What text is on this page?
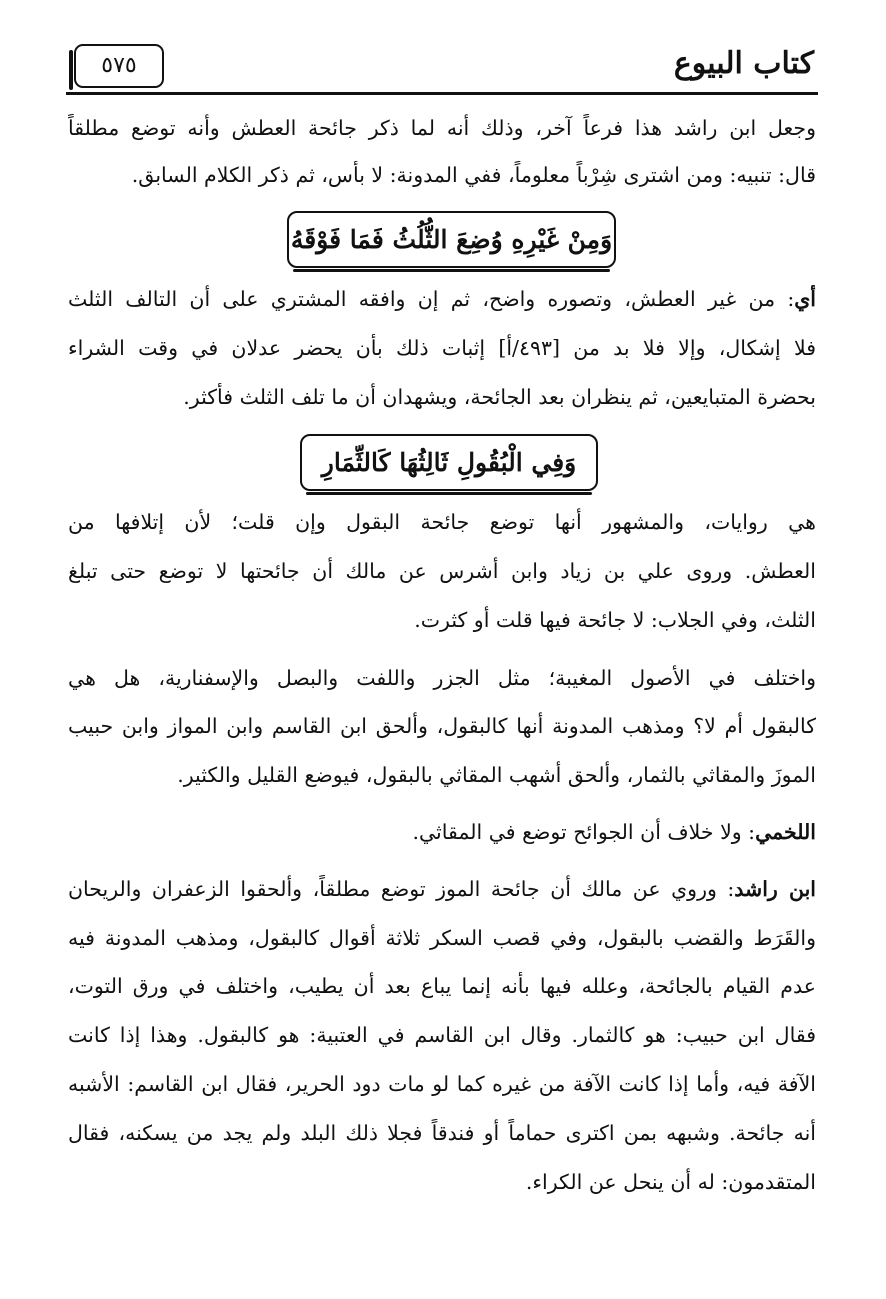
كتاب البيوع
٥٧٥
وجعل ابن راشد هذا فرعاً آخر، وذلك أنه لما ذكر جائحة العطش وأنه توضع مطلقاً
قال: تنبيه: ومن اشترى شِرْباً معلوماً، ففي المدونة: لا بأس، ثم ذكر الكلام السابق.
وَمِنْ غَيْرِهِ وُضِعَ الثُّلُثُ فَمَا فَوْقَهُ
أي: من غير العطش، وتصوره واضح، ثم إن وافقه المشتري على أن التالف الثلث
فلا إشكال، وإلا فلا بد من [٤٩٣/أ] إثبات ذلك بأن يحضر عدلان في وقت الشراء
بحضرة المتبايعين، ثم ينظران بعد الجائحة، ويشهدان أن ما تلف الثلث فأكثر.
وَفِي الْبُقُولِ ثَالِثُهَا كَالثِّمَارِ
هي روايات، والمشهور أنها توضع جائحة البقول وإن قلت؛ لأن إتلافها من
العطش. وروى علي بن زياد وابن أشرس عن مالك أن جائحتها لا توضع حتى تبلغ
الثلث، وفي الجلاب: لا جائحة فيها قلت أو كثرت.
واختلف في الأصول المغيبة؛ مثل الجزر واللفت والبصل والإسفنارية، هل هي
كالبقول أم لا؟ ومذهب المدونة أنها كالبقول، وألحق ابن القاسم وابن المواز وابن حبيب
الموزَ والمقاثي بالثمار، وألحق أشهب المقاثي بالبقول، فيوضع القليل والكثير.
اللخمي: ولا خلاف أن الجوائح توضع في المقاثي.
ابن راشد: وروي عن مالك أن جائحة الموز توضع مطلقاً، وألحقوا الزعفران والريحان
والقَرَط والقضب بالبقول، وفي قصب السكر ثلاثة أقوال كالبقول، ومذهب المدونة فيه
عدم القيام بالجائحة، وعلله فيها بأنه إنما يباع بعد أن يطيب، واختلف في ورق التوت،
فقال ابن حبيب: هو كالثمار. وقال ابن القاسم في العتبية: هو كالبقول. وهذا إذا كانت
الآفة فيه، وأما إذا كانت الآفة من غيره كما لو مات دود الحرير، فقال ابن القاسم: الأشبه
أنه جائحة. وشبهه بمن اكترى حماماً أو فندقاً فجلا ذلك البلد ولم يجد من يسكنه، فقال
المتقدمون: له أن ينحل عن الكراء.
